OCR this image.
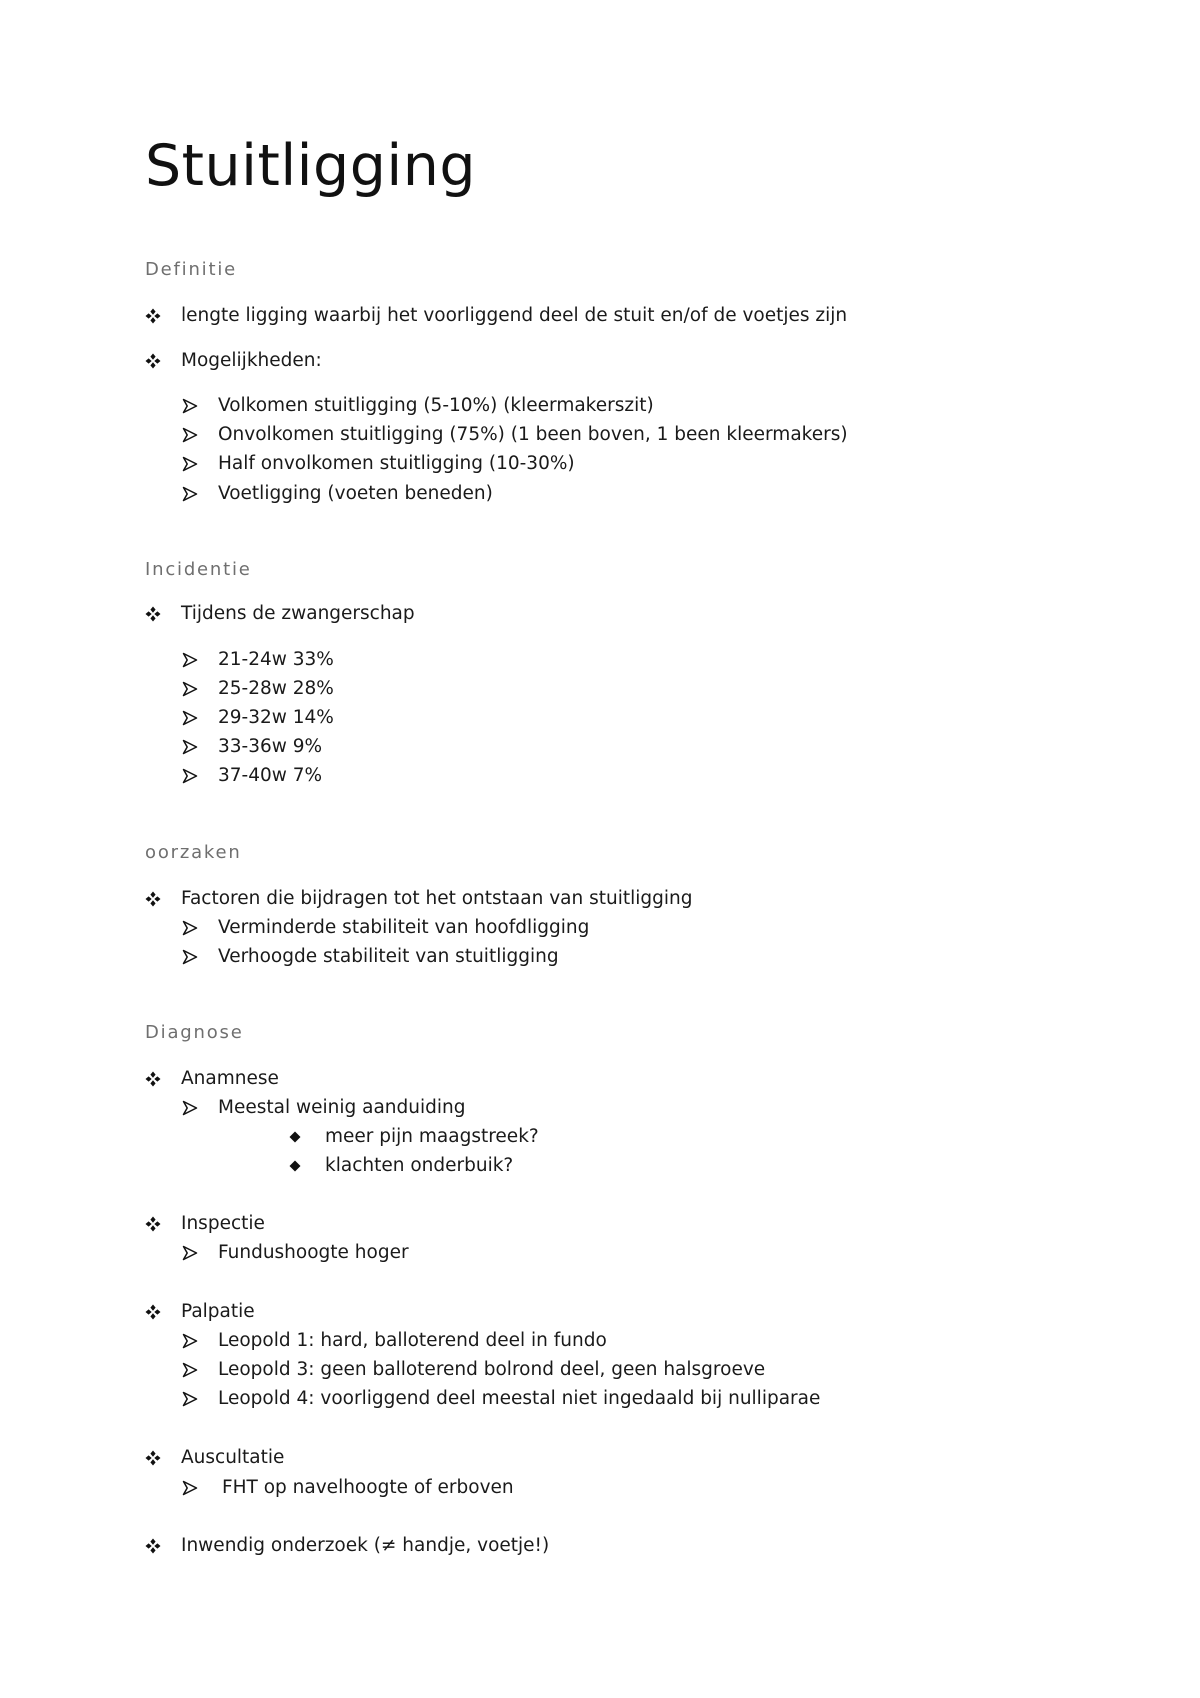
Stuitligging
Definitie
lengte ligging waarbij het voorliggend deel de stuit en/of de voetjes zijn
Mogelijkheden:
Volkomen stuitligging (5-10%) (kleermakerszit)
Onvolkomen stuitligging (75%) (1 been boven, 1 been kleermakers)
Half onvolkomen stuitligging (10-30%)
Voetligging (voeten beneden)
Incidentie
Tijdens de zwangerschap
21-24w 33%
25-28w 28%
29-32w 14%
33-36w 9%
37-40w 7%
oorzaken
Factoren die bijdragen tot het ontstaan van stuitligging
Verminderde stabiliteit van hoofdligging
Verhoogde stabiliteit van stuitligging
Diagnose
Anamnese
Meestal weinig aanduiding
meer pijn maagstreek?
klachten onderbuik?
Inspectie
Fundushoogte hoger
Palpatie
Leopold 1: hard, balloterend deel in fundo
Leopold 3: geen balloterend bolrond deel, geen halsgroeve
Leopold 4: voorliggend deel meestal niet ingedaald bij nulliparae
Auscultatie
FHT op navelhoogte of erboven
Inwendig onderzoek (≠ handje, voetje!)
